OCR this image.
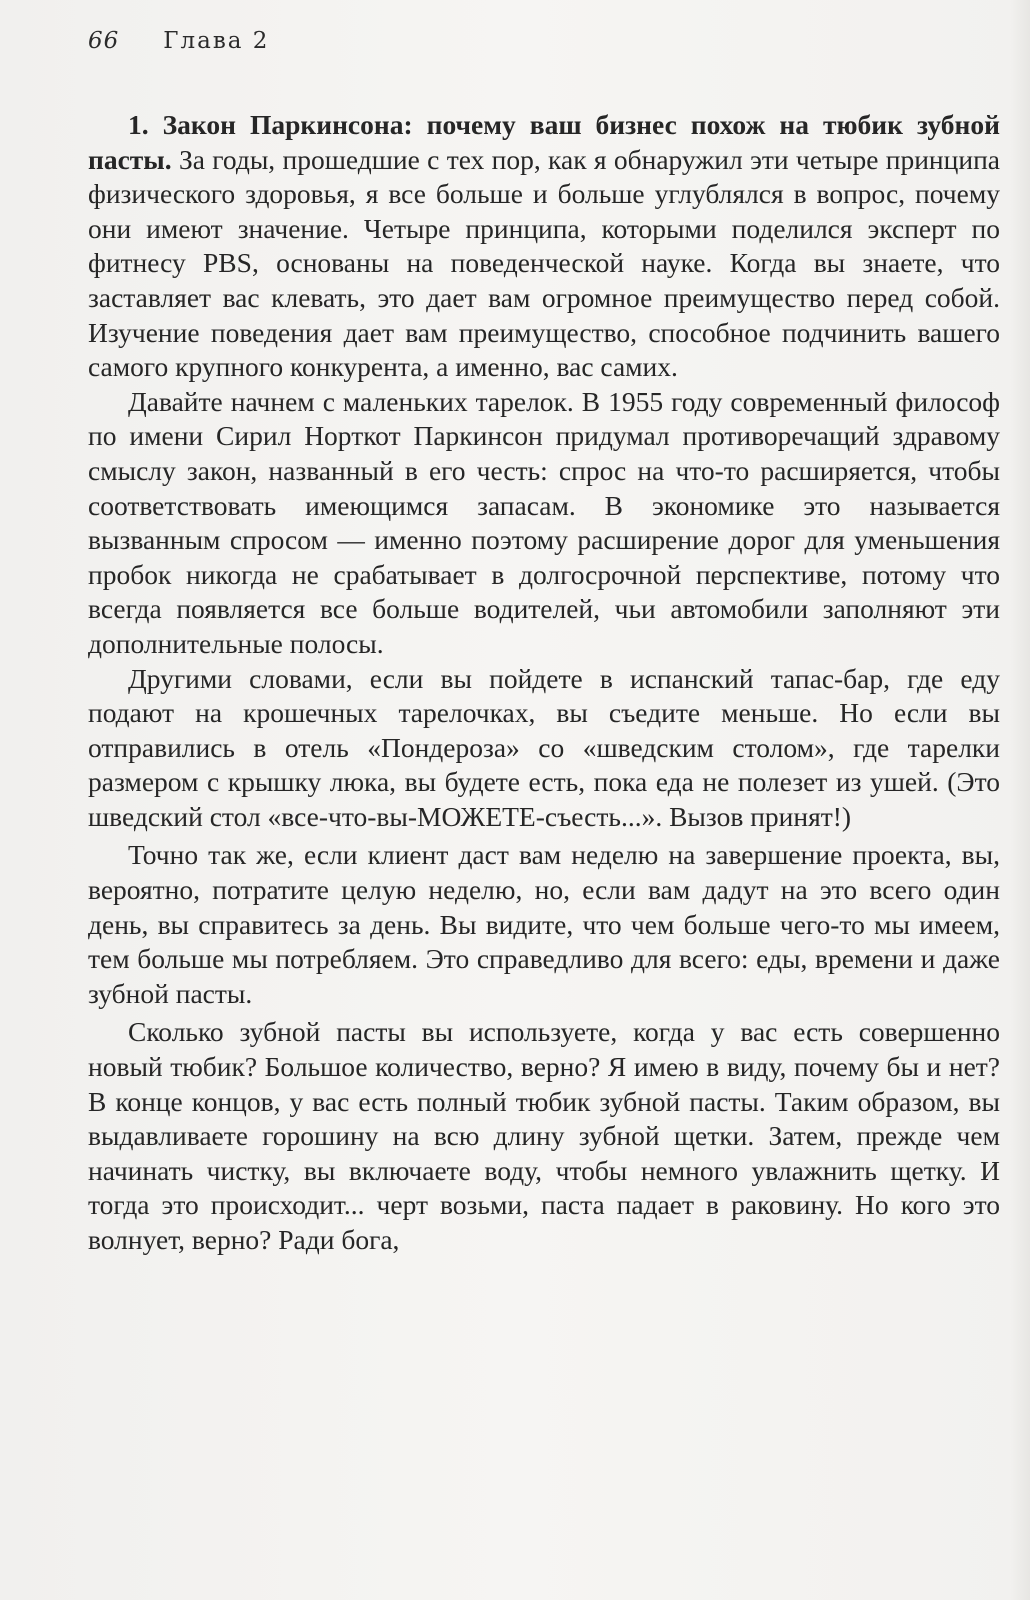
66 Глава 2

1. Закон Паркинсона: почему ваш бизнес похож на тюбик зубной пасты. За годы, прошедшие с тех пор, как я обнаружил эти четыре принципа физического здоровья, я все больше и больше углублялся в вопрос, почему они имеют значение. Четыре принципа, которыми поделился эксперт по фитнесу PBS, основаны на поведенческой науке. Когда вы знаете, что заставляет вас клевать, это дает вам огромное преимущество перед собой. Изучение поведения дает вам преимущество, способное подчинить вашего самого крупного конкурента, а именно, вас самих.

Давайте начнем с маленьких тарелок. В 1955 году современный философ по имени Сирил Норткот Паркинсон придумал противоречащий здравому смыслу закон, названный в его честь: спрос на что-то расширяется, чтобы соответствовать имеющимся запасам. В экономике это называется вызванным спросом — именно поэтому расширение дорог для уменьшения пробок никогда не срабатывает в долгосрочной перспективе, потому что всегда появляется все больше водителей, чьи автомобили заполняют эти дополнительные полосы.

Другими словами, если вы пойдете в испанский тапас-бар, где еду подают на крошечных тарелочках, вы съедите меньше. Но если вы отправились в отель «Пондероза» со «шведским столом», где тарелки размером с крышку люка, вы будете есть, пока еда не полезет из ушей. (Это шведский стол «все-что-вы-МОЖЕТЕ-съесть...». Вызов принят!)

Точно так же, если клиент даст вам неделю на завершение проекта, вы, вероятно, потратите целую неделю, но, если вам дадут на это всего один день, вы справитесь за день. Вы видите, что чем больше чего-то мы имеем, тем больше мы потребляем. Это справедливо для всего: еды, времени и даже зубной пасты.

Сколько зубной пасты вы используете, когда у вас есть совершенно новый тюбик? Большое количество, верно? Я имею в виду, почему бы и нет? В конце концов, у вас есть полный тюбик зубной пасты. Таким образом, вы выдавливаете горошину на всю длину зубной щетки. Затем, прежде чем начинать чистку, вы включаете воду, чтобы немного увлажнить щетку. И тогда это происходит... черт возьми, паста падает в раковину. Но кого это волнует, верно? Ради бога,
